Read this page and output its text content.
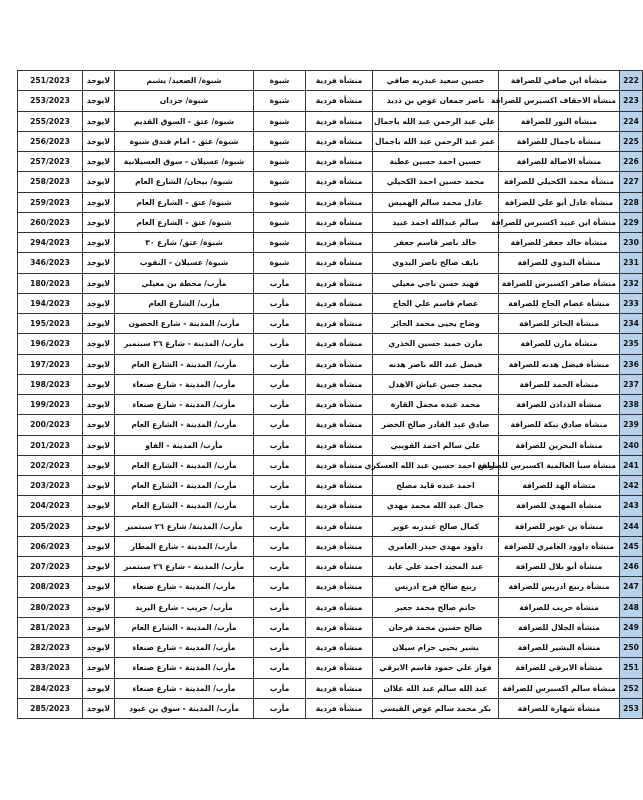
222	منشأة ابن صافي للصرافة	حسين سعيد عبدربه صافي	منشأة فردية	شبوة	شبوة/ الصعيد/ يشبم	لايوجد	251/2023
223	منشأة الاحقاف اكسبرس للصرافة	ناصر جمعان عوض بن ذديد	منشأة فردية	شبوة	شبوة/ جردان	لايوجد	253/2023
224	منشأة النور للصرافة	علي عبد الرحمن عبد الله باجمال	منشأة فردية	شبوة	شبوة/ عتق - السوق القديم	لايوجد	255/2023
225	منشأة باجمال للصرافة	عمر عبد الرحمن عبد الله باجمال	منشأة فردية	شبوة	شبوة/ عتق - امام فندق شبوة	لايوجد	256/2023
226	منشأة الاصالة للصرافة	حسين احمد حسين عطية	منشأة فردية	شبوة	شبوة/ عسيلان - سوق العسيلانية	لايوجد	257/2023
227	منشأة محمد الكحيلي للصرافة	محمد حسين احمد الكحيلي	منشأة فردية	شبوة	شبوة/ بيحان/ الشارع العام	لايوجد	258/2023
228	منشأة عادل أبو علي للصرافة	عادل محمد سالم الهميس	منشأة فردية	شبوة	شبوة/ عتق - الشارع العام	لايوجد	259/2023
229	منشأة ابن عبيد اكسبرس للصرافة	سالم عبدالله احمد عبيد	منشأة فردية	شبوة	شبوة/ عتق - الشارع العام	لايوجد	260/2023
230	منشأة خالد جعفر للصرافة	خالد ناصر قاسم جعفر	منشأة فردية	شبوة	شبوة/ عتق/ شارع ٣٠	لايوجد	294/2023
231	منشأة البدوي للصرافة	نايف صالح ناصر البدوي	منشأة فردية	شبوة	شبوة/ عسيلان - النقوب	لايوجد	346/2023
232	منشأة صافر اكسبرس للصرافة	فهيد حسن ناجي معيلي	منشأة فردية	مأرب	مأرب/ محطة بن معيلي	لايوجد	180/2023
233	منشأة عصام الحاج للصرافة	عصام قاسم علي الحاج	منشأة فردية	مأرب	مأرب/ الشارع العام	لايوجد	194/2023
234	منشأة الحائر للصرافة	وضاح يحيى محمد الحائر	منشأة فردية	مأرب	مأرب/ المدينة - شارع الحصون	لايوجد	195/2023
235	منشأة مازن للصرافة	مازن حميد حسين الخذري	منشأة فردية	مأرب	مأرب/ المدينة - شارع ٢٦ سبتمبر	لايوجد	196/2023
236	منشأة فيصل هدنه للصرافة	فيصل عبد الله ناصر هدنه	منشأة فردية	مأرب	مأرب/ المدينة - الشارع العام	لايوجد	197/2023
237	منشأة الحمد للصرافة	محمد حسن عياش الاهدل	منشأة فردية	مأرب	مأرب/ المدينة - شارع صنعاء	لايوجد	198/2023
238	منشأة الذداذن للصرافة	محمد عبده مجمل القارة	منشأة فردية	مأرب	مأرب/ المدينة - شارع صنعاء	لايوجد	199/2023
239	منشأة صادق نبكة للصرافة	صادق عبد القادر صالح الخضر	منشأة فردية	مأرب	مأرب/ المدينة - الشارع العام	لايوجد	200/2023
240	منشأة البحرين للصرافة	علي سالم احمد القويبي	منشأة فردية	مأرب	مأرب/ المدينة - الفاو	لايوجد	201/2023
241	منشأة سبأ العالمية اكسبرس للصرافة	امين احمد حسين عبد الله العسكري	منشأة فردية	مأرب	مأرب/ المدينة - الشارع العام	لايوجد	202/2023
242	منشأة الهد للصرافة	احمد عبده قايد مصلح	منشأة فردية	مأرب	مأرب/ المدينة - الشارع العام	لايوجد	203/2023
243	منشأة المهدي للصرافة	جمال عبد الله محمد مهدي	منشأة فردية	مأرب	مأرب/ المدينة - الشارع العام	لايوجد	204/2023
244	منشأة بن عوير للصرافة	كمال صالح عبدربه عوير	منشأة فردية	مأرب	مأرب/ المدينة/ شارع ٢٦ سبتمبر	لايوجد	205/2023
245	منشأة داوود العامري للصرافة	داوود مهدي حيدر العامري	منشأة فردية	مأرب	مأرب/ المدينة - شارع المطار	لايوجد	206/2023
246	منشأة أبو بلال للصرافة	عبد المجيد احمد علي عابد	منشأة فردية	مأرب	مأرب/ المدينة - شارع ٢٦ سبتمبر	لايوجد	207/2023
247	منشأة ربيع ادريس للصرافة	ربيع صالح فرج ادريس	منشأة فردية	مأرب	مأرب/ المدينة - شارع صنعاء	لايوجد	208/2023
248	منشأة حريب للصرافة	حاتم صالح محمد جعير	منشأة فردية	مأرب	مأرب/ حريب - شارع البريد	لايوجد	280/2023
249	منشأة الجلال للصرافة	صالح حسين محمد فرحان	منشأة فردية	مأرب	مأرب/ المدينة - الشارع العام	لايوجد	281/2023
250	منشأة البشير للصرافة	بشير يحيى حزام سيلان	منشأة فردية	مأرب	مأرب/ المدينة - شارع صنعاء	لايوجد	282/2023
251	منشأة الابرقي للصرافة	فواز علي حمود قاسم الابرقي	منشأة فردية	مأرب	مأرب/ المدينة - شارع صنعاء	لايوجد	283/2023
252	منشأة سالم اكسبرس للصرافة	عبد الله سالم عبد الله علاان	منشأة فردية	مأرب	مأرب/ المدينة - شارع صنعاء	لايوجد	284/2023
253	منشأة شهارة للصرافة	بكر محمد سالم عوض القيسي	منشأة فردية	مأرب	مأرب/ المدينة - سوق بن عبود	لايوجد	285/2023
